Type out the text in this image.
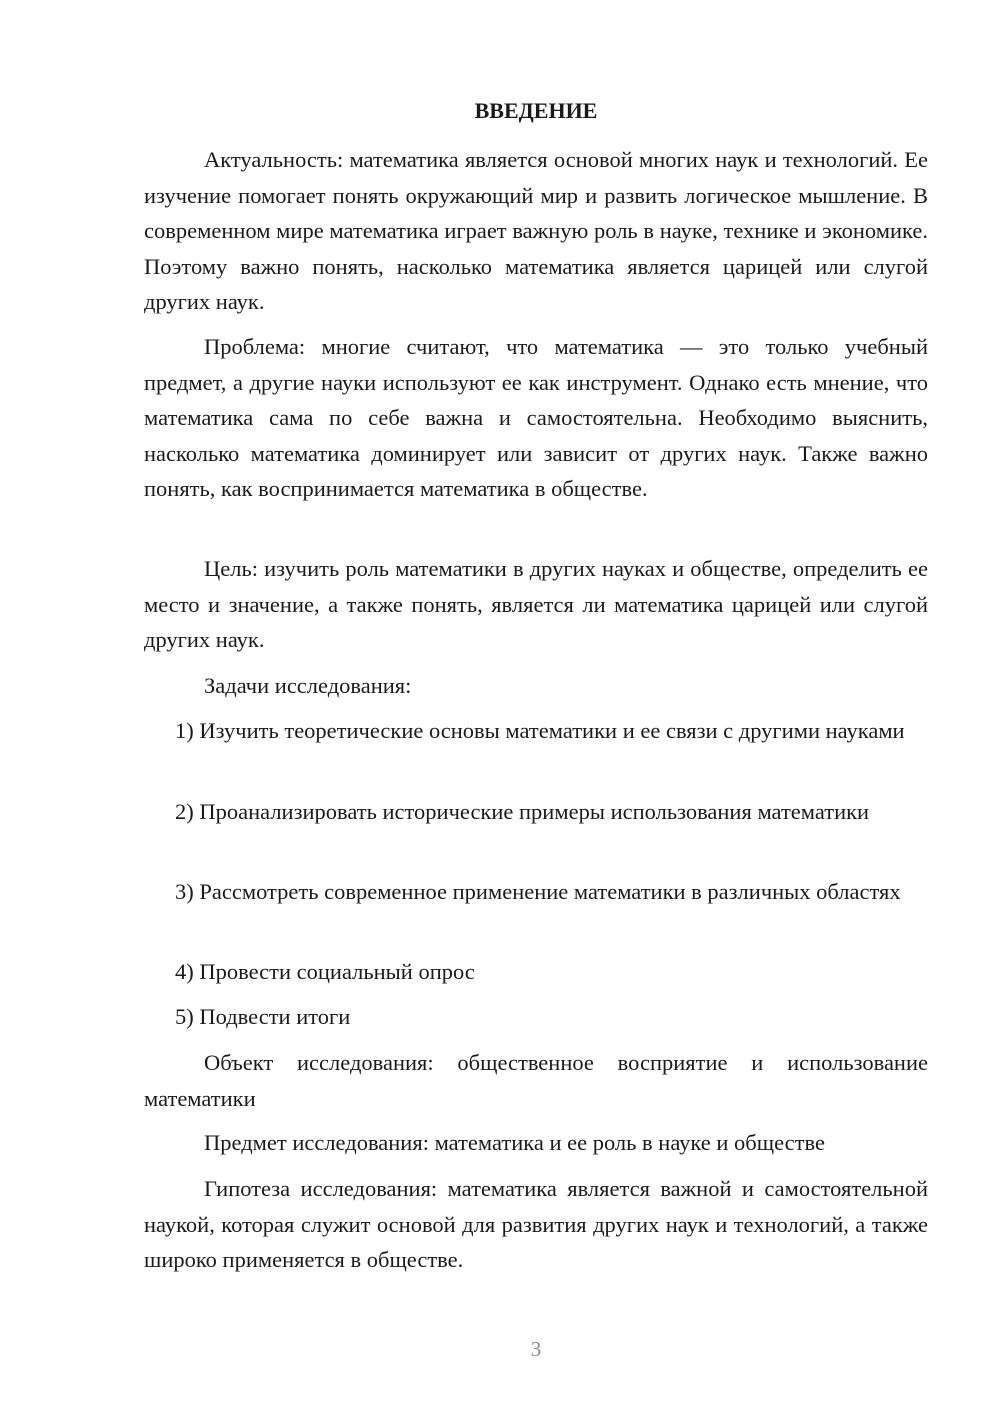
ВВЕДЕНИЕ

Актуальность: математика является основой многих наук и технологий. Ее изучение помогает понять окружающий мир и развить логическое мышление. В современном мире математика играет важную роль в науке, технике и экономике. Поэтому важно понять, насколько математика является царицей или слугой других наук.

Проблема: многие считают, что математика — это только учебный предмет, а другие науки используют ее как инструмент. Однако есть мнение, что математика сама по себе важна и самостоятельна. Необходимо выяснить, насколько математика доминирует или зависит от других наук. Также важно понять, как воспринимается математика в обществе.

Цель: изучить роль математики в других науках и обществе, определить ее место и значение, а также понять, является ли математика царицей или слугой других наук.

Задачи исследования:

1) Изучить теоретические основы математики и ее связи с другими науками

2) Проанализировать исторические примеры использования математики

3) Рассмотреть современное применение математики в различных областях

4) Провести социальный опрос

5) Подвести итоги

Объект исследования: общественное восприятие и использование математики

Предмет исследования: математика и ее роль в науке и обществе

Гипотеза исследования: математика является важной и самостоятельной наукой, которая служит основой для развития других наук и технологий, а также широко применяется в обществе.

3
